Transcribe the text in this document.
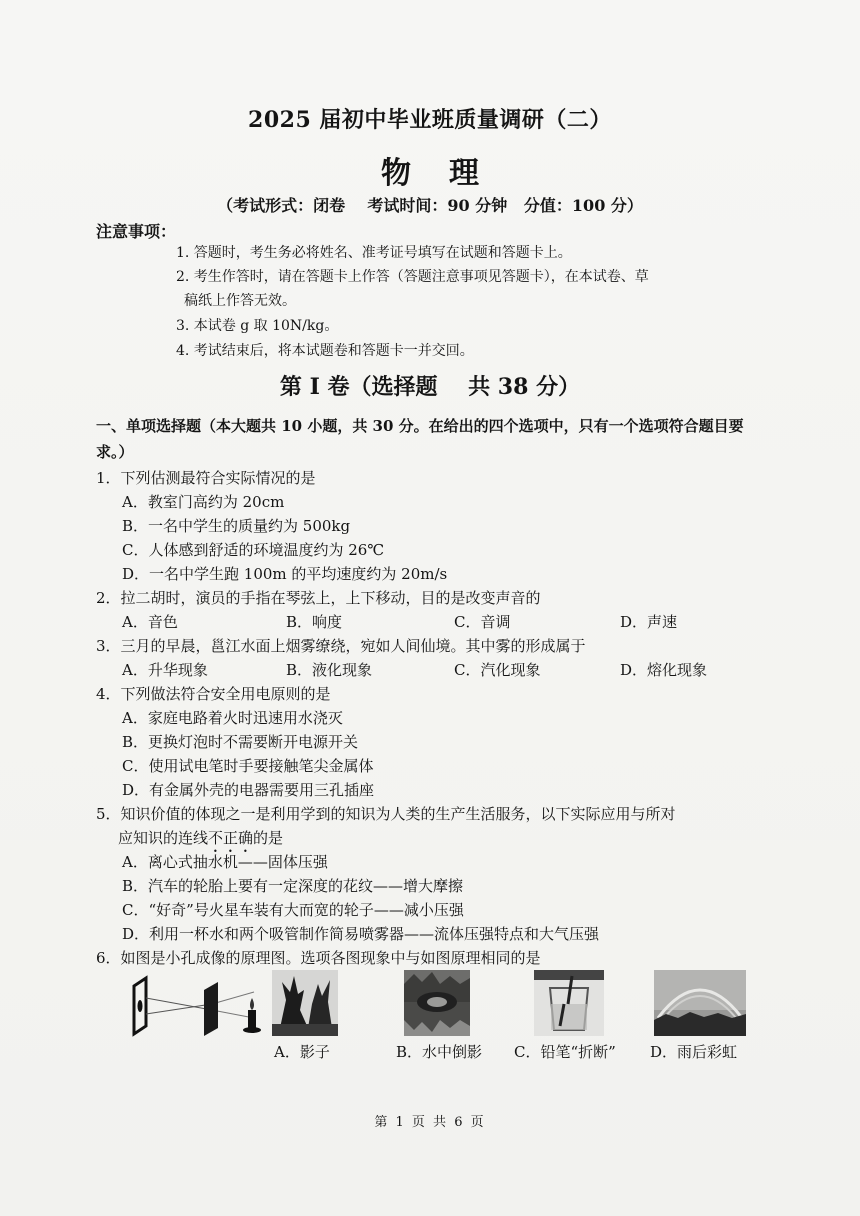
2025 届初中毕业班质量调研（二）
物理
（考试形式：闭卷    考试时间：90 分钟   分值：100 分）
注意事项：
1. 答题时，考生务必将姓名、准考证号填写在试题和答题卡上。
2. 考生作答时，请在答题卡上作答（答题注意事项见答题卡），在本试卷、草
稿纸上作答无效。
3. 本试卷 g 取 10N/kg。
4. 考试结束后，将本试题卷和答题卡一并交回。
第 I 卷（选择题    共 38 分）
一、单项选择题（本大题共 10 小题，共 30 分。在给出的四个选项中，只有一个选项符合题目要求。）
1．下列估测最符合实际情况的是
A．教室门高约为 20cm
B．一名中学生的质量约为 500kg
C．人体感到舒适的环境温度约为 26℃
D．一名中学生跑 100m 的平均速度约为 20m/s
2．拉二胡时，演员的手指在琴弦上，上下移动，目的是改变声音的
A．音色	B．响度	C．音调	D．声速
3．三月的早晨，邕江水面上烟雾缭绕，宛如人间仙境。其中雾的形成属于
A．升华现象	B．液化现象	C．汽化现象	D．熔化现象
4．下列做法符合安全用电原则的是
A．家庭电路着火时迅速用水浇灭
B．更换灯泡时不需要断开电源开关
C．使用试电笔时手要接触笔尖金属体
D．有金属外壳的电器需要用三孔插座
5．知识价值的体现之一是利用学到的知识为人类的生产生活服务，以下实际应用与所对
应知识的连线不正确的是
A．离心式抽水机——固体压强
B．汽车的轮胎上要有一定深度的花纹——增大摩擦
C．“好奇”号火星车装有大而宽的轮子——减小压强
D．利用一杯水和两个吸管制作简易喷雾器——流体压强特点和大气压强
6．如图是小孔成像的原理图。选项各图现象中与如图原理相同的是
A．影子	B．水中倒影 C．铅笔“折断” D．雨后彩虹
第 1 页 共 6 页
